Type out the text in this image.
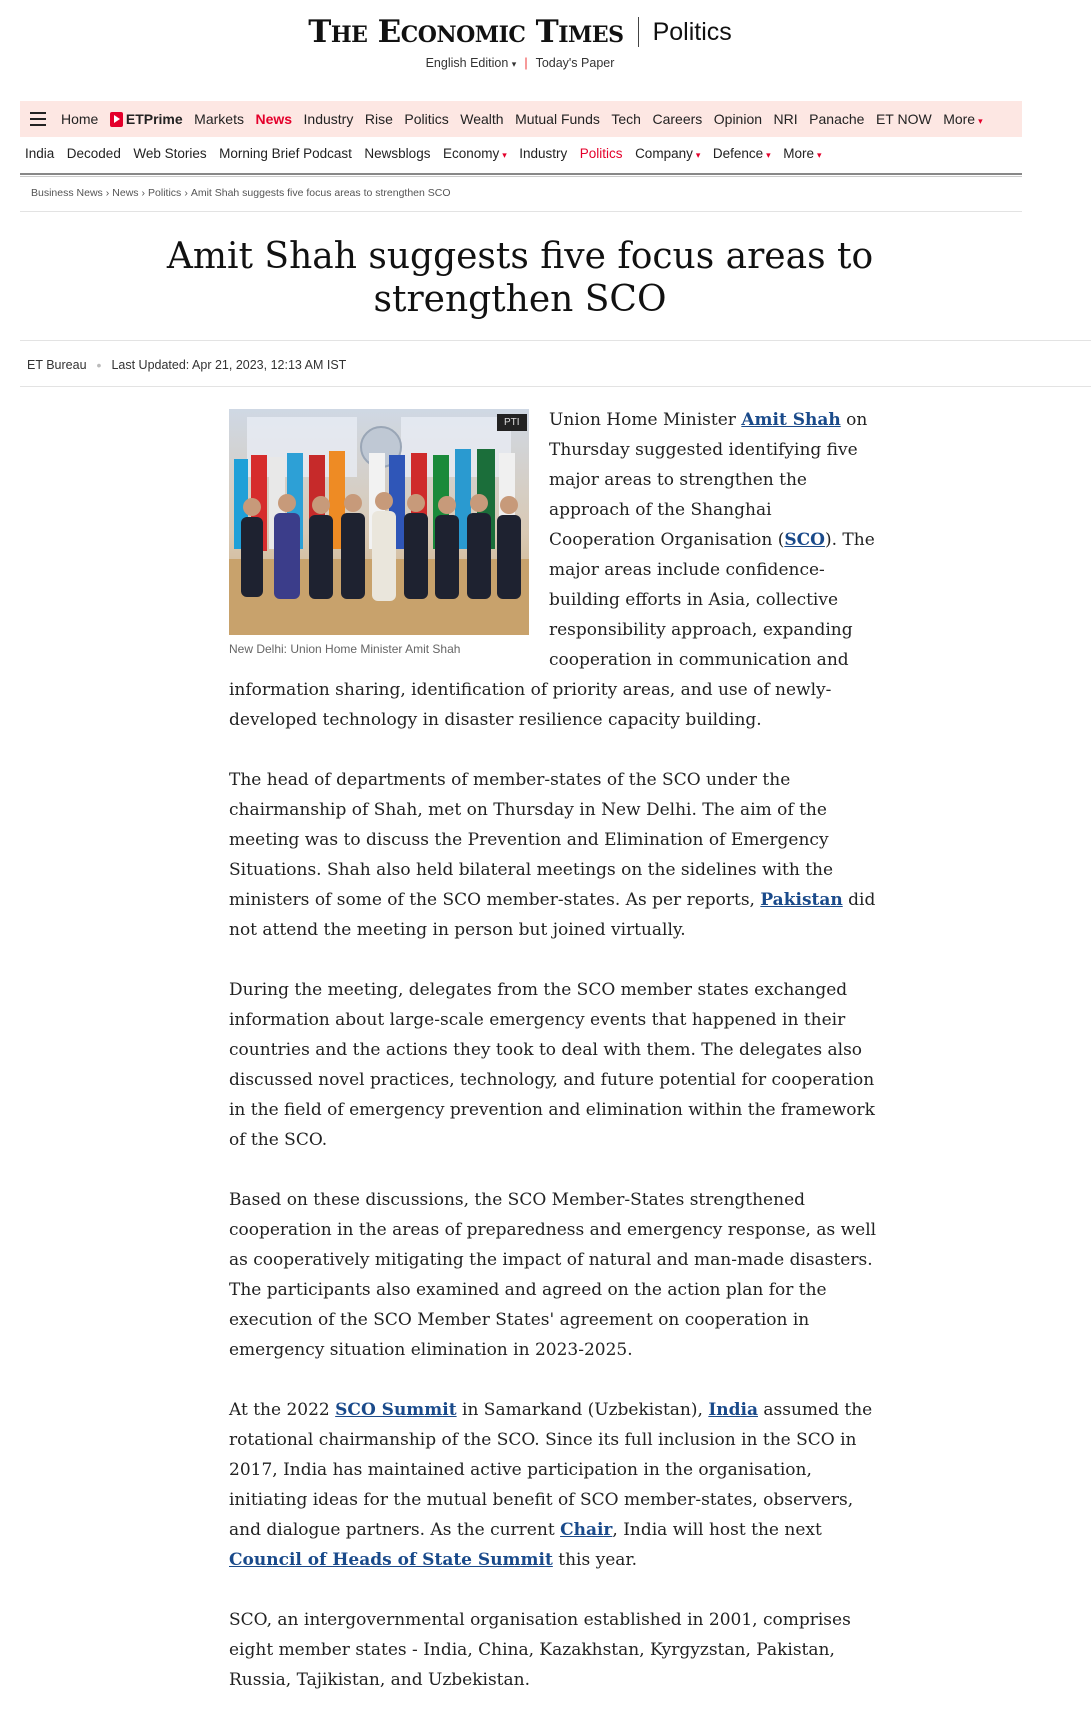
The Economic Times Politics
English Edition ▾ | Today's Paper
Home ETPrime Markets News Industry Rise Politics Wealth Mutual Funds Tech Careers Opinion NRI Panache ET NOW More ▾
India Decoded Web Stories Morning Brief Podcast Newsblogs Economy ▾ Industry Politics Company ▾ Defence ▾ More ▾
Business News › News › Politics › Amit Shah suggests five focus areas to strengthen SCO
Amit Shah suggests five focus areas to strengthen SCO
ET Bureau • Last Updated: Apr 21, 2023, 12:13 AM IST
New Delhi: Union Home Minister Amit Shah

Union Home Minister Amit Shah on Thursday suggested identifying five major areas to strengthen the approach of the Shanghai Cooperation Organisation (SCO). The major areas include confidence-building efforts in Asia, collective responsibility approach, expanding cooperation in communication and information sharing, identification of priority areas, and use of newly-developed technology in disaster resilience capacity building.

The head of departments of member-states of the SCO under the chairmanship of Shah, met on Thursday in New Delhi. The aim of the meeting was to discuss the Prevention and Elimination of Emergency Situations. Shah also held bilateral meetings on the sidelines with the ministers of some of the SCO member-states. As per reports, Pakistan did not attend the meeting in person but joined virtually.

During the meeting, delegates from the SCO member states exchanged information about large-scale emergency events that happened in their countries and the actions they took to deal with them. The delegates also discussed novel practices, technology, and future potential for cooperation in the field of emergency prevention and elimination within the framework of the SCO.

Based on these discussions, the SCO Member-States strengthened cooperation in the areas of preparedness and emergency response, as well as cooperatively mitigating the impact of natural and man-made disasters. The participants also examined and agreed on the action plan for the execution of the SCO Member States' agreement on cooperation in emergency situation elimination in 2023-2025.

At the 2022 SCO Summit in Samarkand (Uzbekistan), India assumed the rotational chairmanship of the SCO. Since its full inclusion in the SCO in 2017, India has maintained active participation in the organisation, initiating ideas for the mutual benefit of SCO member-states, observers, and dialogue partners. As the current Chair, India will host the next Council of Heads of State Summit this year.

SCO, an intergovernmental organisation established in 2001, comprises eight member states - India, China, Kazakhstan, Kyrgyzstan, Pakistan, Russia, Tajikistan, and Uzbekistan.

PTI
